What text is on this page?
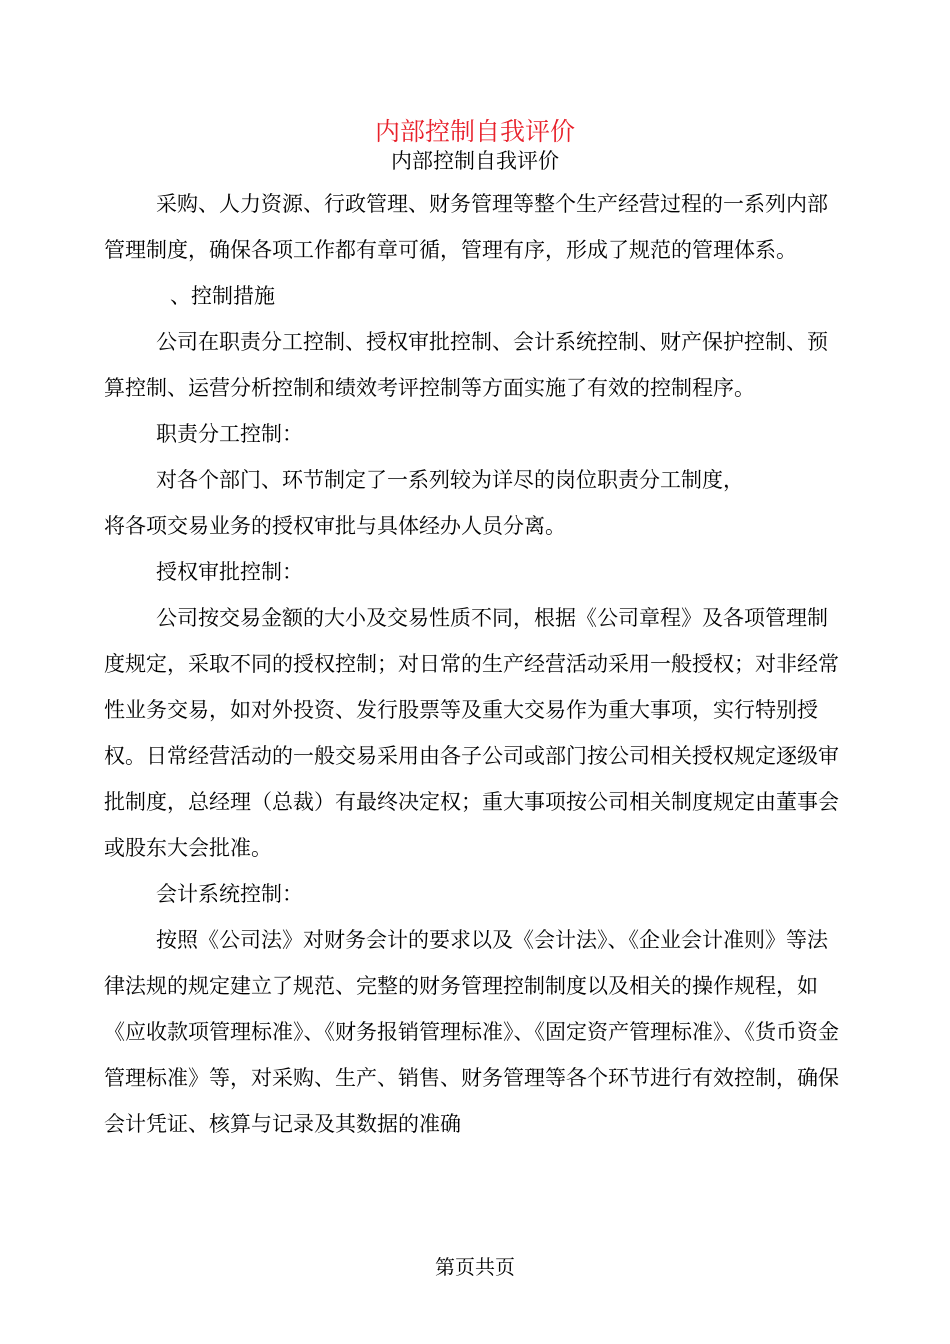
内部控制自我评价
内部控制自我评价

采购、人力资源、行政管理、财务管理等整个生产经营过程的一系列内部管理制度，确保各项工作都有章可循，管理有序，形成了规范的管理体系。

、控制措施

公司在职责分工控制、授权审批控制、会计系统控制、财产保护控制、预算控制、运营分析控制和绩效考评控制等方面实施了有效的控制程序。

职责分工控制：

对各个部门、环节制定了一系列较为详尽的岗位职责分工制度，

将各项交易业务的授权审批与具体经办人员分离。

授权审批控制：

公司按交易金额的大小及交易性质不同，根据《公司章程》及各项管理制度规定，采取不同的授权控制；对日常的生产经营活动采用一般授权；对非经常性业务交易，如对外投资、发行股票等及重大交易作为重大事项，实行特别授权。日常经营活动的一般交易采用由各子公司或部门按公司相关授权规定逐级审批制度，总经理（总裁）有最终决定权；重大事项按公司相关制度规定由董事会或股东大会批准。

会计系统控制：

按照《公司法》对财务会计的要求以及《会计法》、《企业会计准则》等法律法规的规定建立了规范、完整的财务管理控制制度以及相关的操作规程，如《应收款项管理标准》、《财务报销管理标准》、《固定资产管理标准》、《货币资金管理标准》等，对采购、生产、销售、财务管理等各个环节进行有效控制，确保会计凭证、核算与记录及其数据的准确

第页共页
